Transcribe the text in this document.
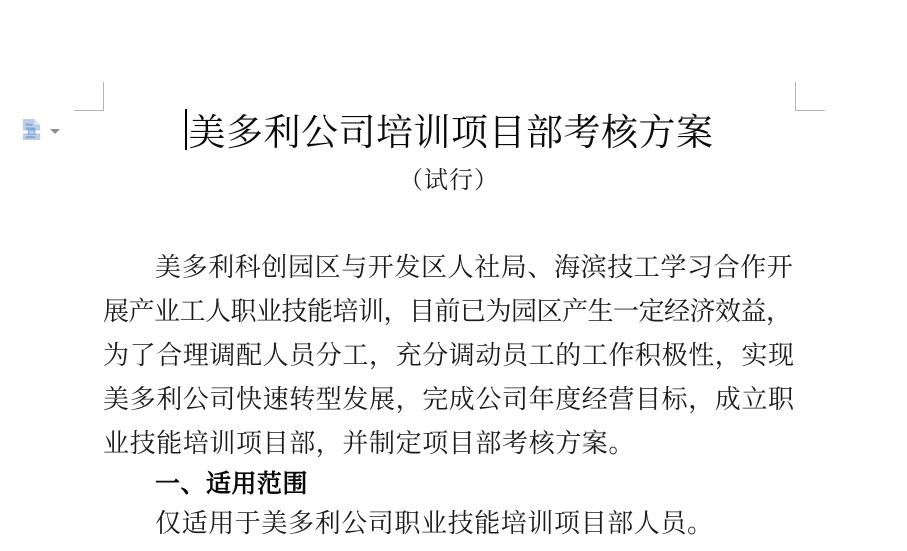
美多利公司培训项目部考核方案
（试行）
美多利科创园区与开发区人社局、海滨技工学习合作开
展产业工人职业技能培训，目前已为园区产生一定经济效益，
为了合理调配人员分工，充分调动员工的工作积极性，实现
美多利公司快速转型发展，完成公司年度经营目标，成立职
业技能培训项目部，并制定项目部考核方案。
一、适用范围
仅适用于美多利公司职业技能培训项目部人员。
